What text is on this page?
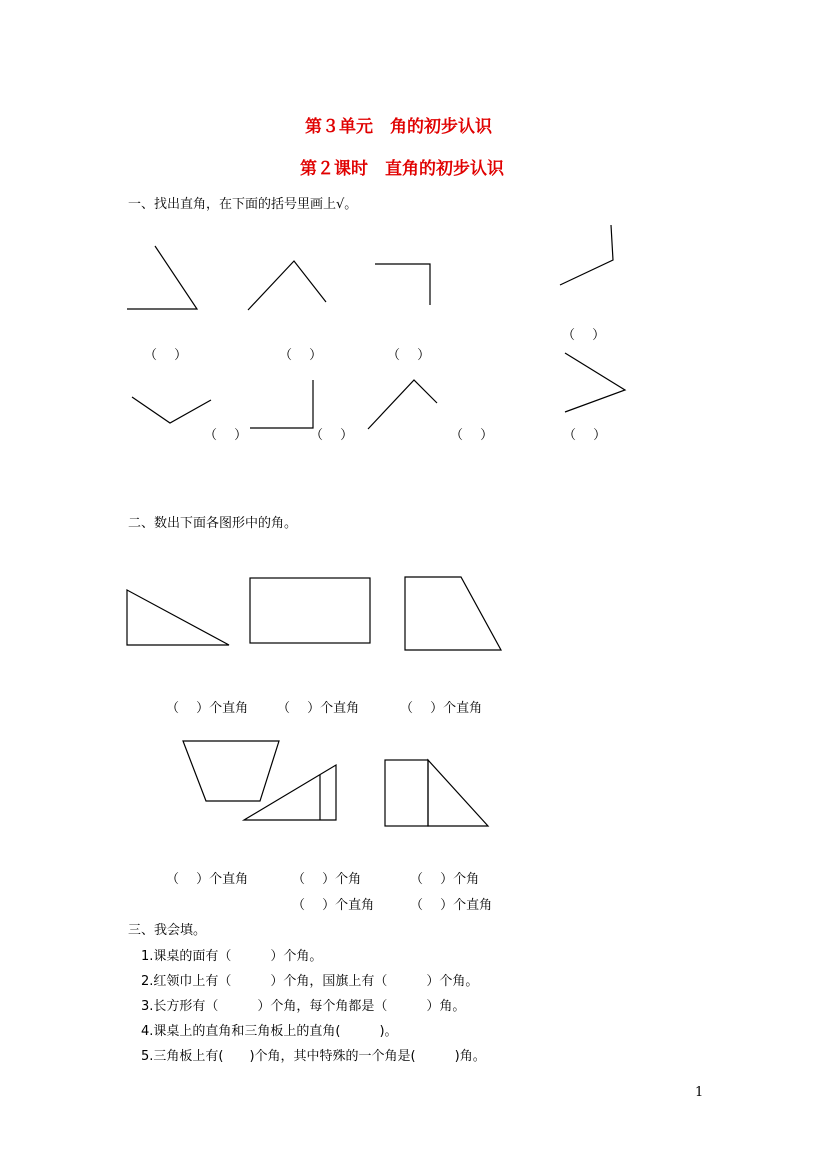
第３单元　角的初步认识
第２课时　直角的初步认识
一、找出直角，在下面的括号里画上√。
（　 ）	（　 ）	（　 ）
（　 ）
（　 ）	（　 ）	（　 ）	（　 ）
二、数出下面各图形中的角。
（　 ）个直角 （　 ）个直角	（　 ）个直角
（　 ）个直角	（　 ）个角	（　 ）个角
（　 ）个直角	（　 ）个直角
三、我会填。
1.课桌的面有（　　　）个角。
2.红领巾上有（　　　）个角，国旗上有（　　　）个角。
3.长方形有（　　　）个角，每个角都是（　　　）角。
4.课桌上的直角和三角板上的直角(　　　)。
5.三角板上有(　　)个角，其中特殊的一个角是(　　　)角。
1
